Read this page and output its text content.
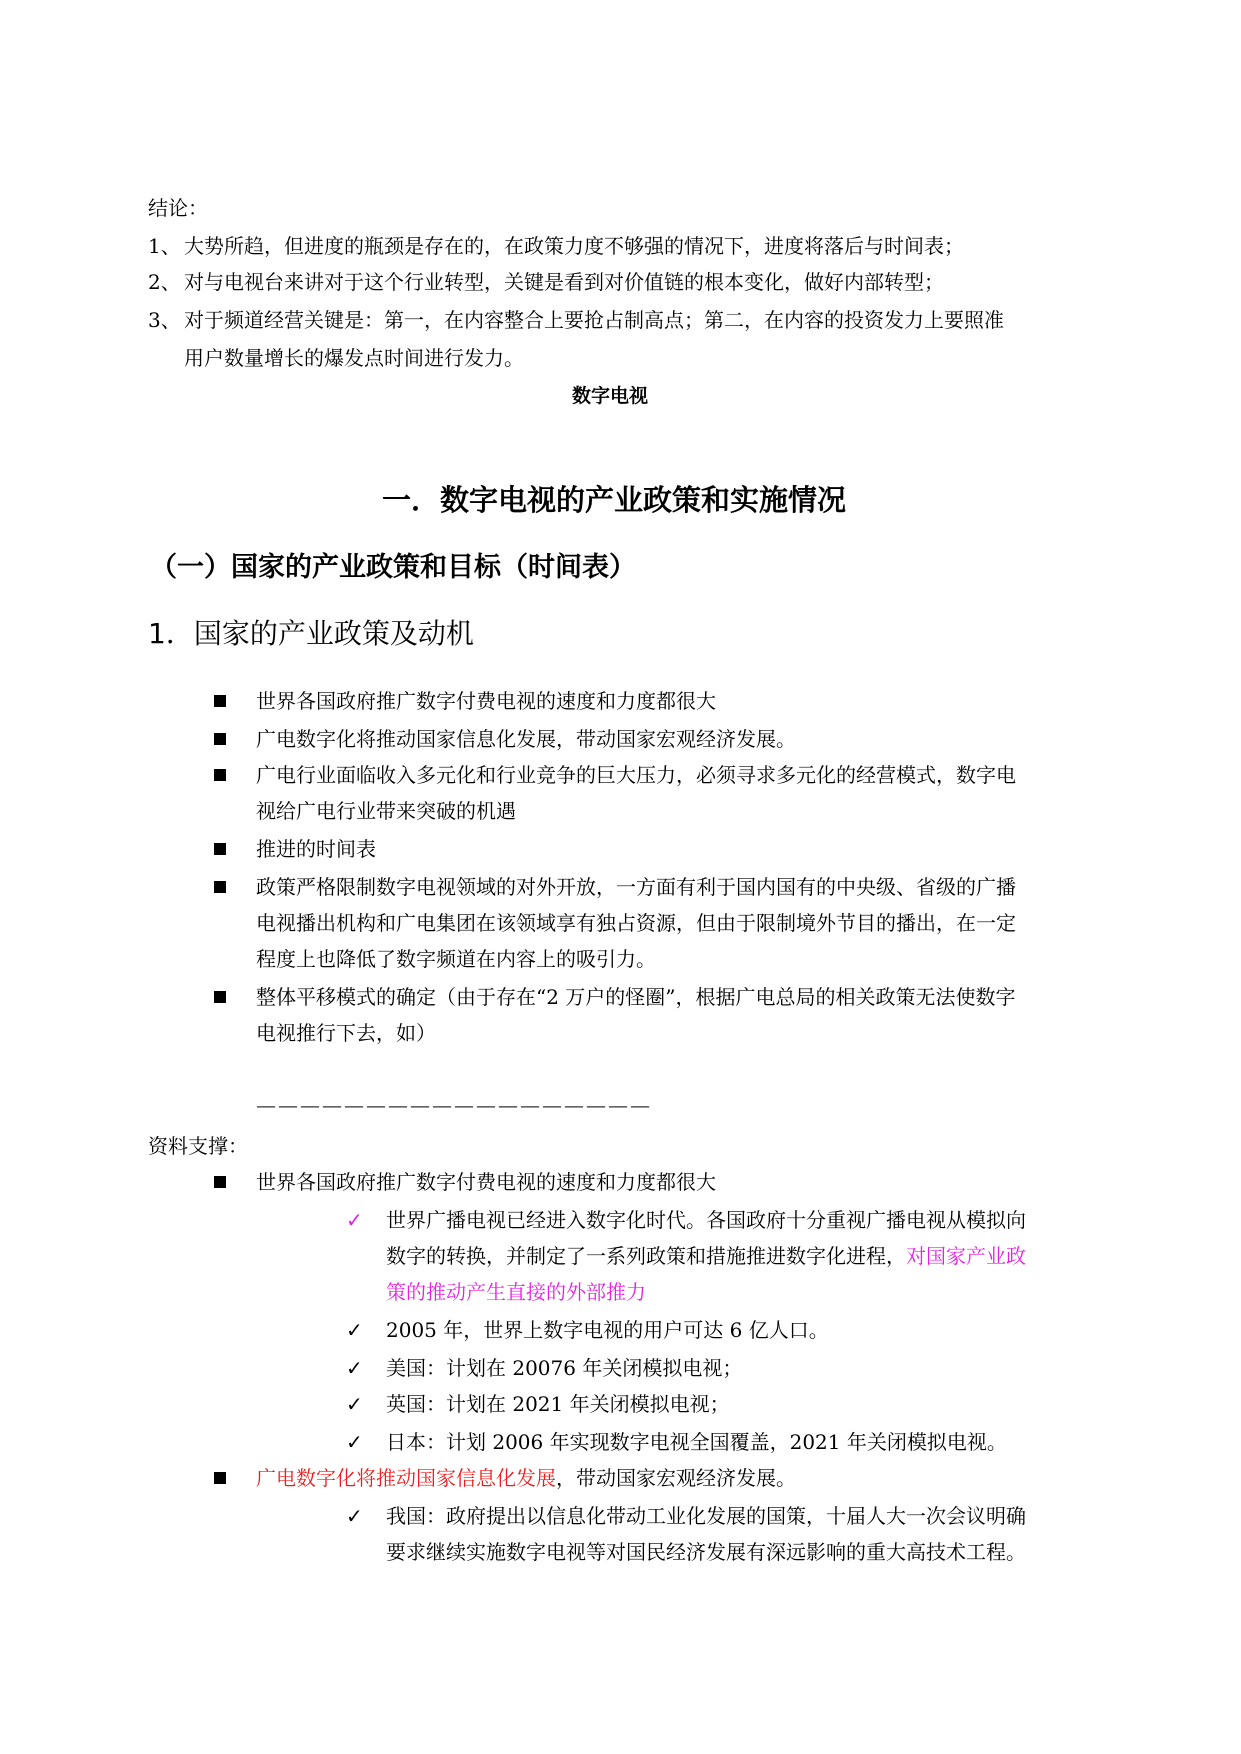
结论：
1、 大势所趋，但进度的瓶颈是存在的，在政策力度不够强的情况下，进度将落后与时间表；
2、 对与电视台来讲对于这个行业转型，关键是看到对价值链的根本变化，做好内部转型；
3、 对于频道经营关键是：第一，在内容整合上要抢占制高点；第二，在内容的投资发力上要照准
用户数量增长的爆发点时间进行发力。
数字电视
一．数字电视的产业政策和实施情况
（一）国家的产业政策和目标（时间表）
1．国家的产业政策及动机
世界各国政府推广数字付费电视的速度和力度都很大
广电数字化将推动国家信息化发展，带动国家宏观经济发展。
广电行业面临收入多元化和行业竞争的巨大压力，必须寻求多元化的经营模式，数字电
视给广电行业带来突破的机遇
推进的时间表
政策严格限制数字电视领域的对外开放，一方面有利于国内国有的中央级、省级的广播
电视播出机构和广电集团在该领域享有独占资源，但由于限制境外节目的播出，在一定
程度上也降低了数字频道在内容上的吸引力。
整体平移模式的确定（由于存在“2 万户的怪圈”，根据广电总局的相关政策无法使数字
电视推行下去，如）
——————————————————
资料支撑：
世界各国政府推广数字付费电视的速度和力度都很大
✓ 世界广播电视已经进入数字化时代。各国政府十分重视广播电视从模拟向
数字的转换，并制定了一系列政策和措施推进数字化进程，对国家产业政
策的推动产生直接的外部推力
✓ 2005 年，世界上数字电视的用户可达 6 亿人口。
✓ 美国：计划在 20076 年关闭模拟电视；
✓ 英国：计划在 2021 年关闭模拟电视；
✓ 日本：计划 2006 年实现数字电视全国覆盖，2021 年关闭模拟电视。
广电数字化将推动国家信息化发展，带动国家宏观经济发展。
✓ 我国：政府提出以信息化带动工业化发展的国策，十届人大一次会议明确
要求继续实施数字电视等对国民经济发展有深远影响的重大高技术工程。
